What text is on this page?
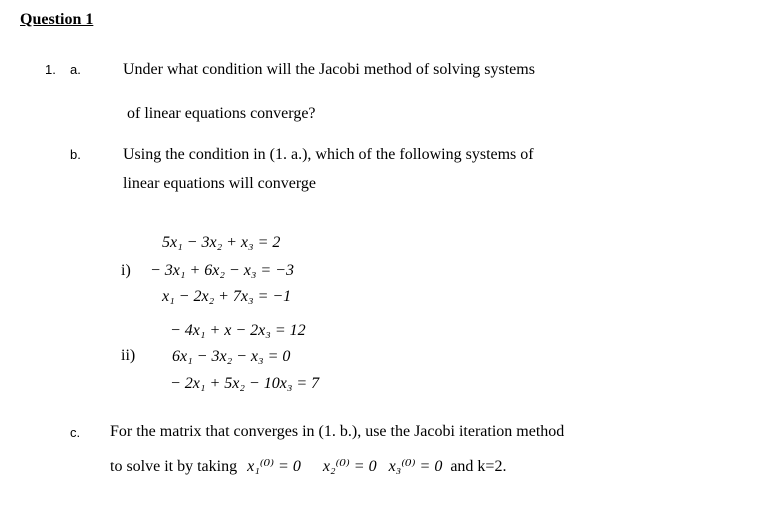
Question 1
1. a.	Under what condition will the Jacobi method of solving systems
of linear equations converge?
b.	Using the condition in (1. a.), which of the following systems of
linear equations will converge
i)
5x₁ − 3x₂ + x₃ = 2
− 3x₁ + 6x₂ − x₃ = −3
x₁ − 2x₂ + 7x₃ = −1
ii)
− 4x₁ + x − 2x₃ = 12
6x₁ − 3x₂ − x₃ = 0
− 2x₁ + 5x₂ − 10x₃ = 7
c. For the matrix that converges in (1. b.), use the Jacobi iteration method
to solve it by taking x₁⁽⁰⁾ = 0 x₂⁽⁰⁾ = 0 x₃⁽⁰⁾ = 0 and k=2.
